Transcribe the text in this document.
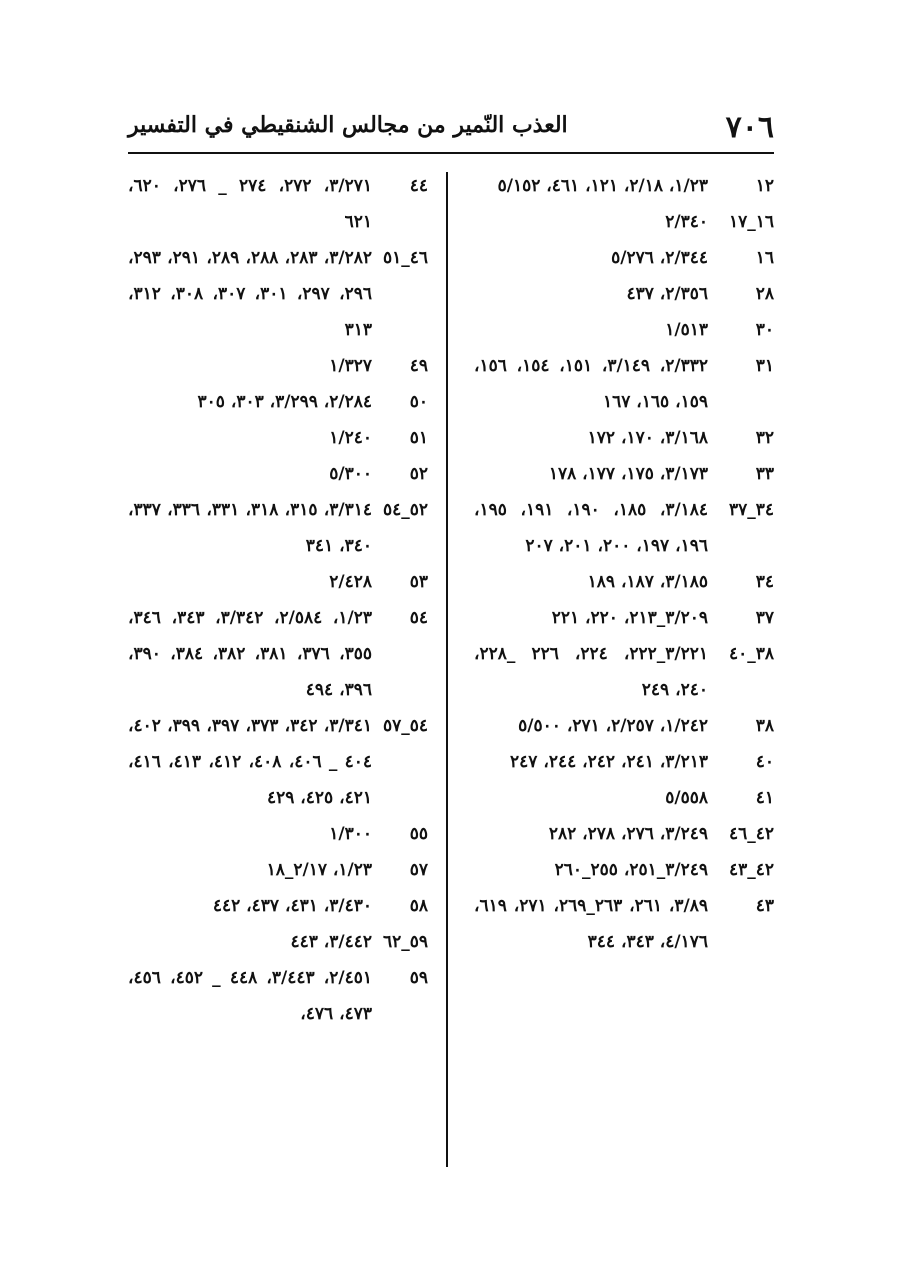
٧٠٦
العذب النّمير من مجالس الشنقيطي في التفسير
١٢
١/٢٣، ٢/١٨، ١٢١، ٤٦١، ٥/١٥٢
١٦_١٧
٢/٣٤٠
١٦
٢/٣٤٤، ٥/٢٧٦
٢٨
٢/٣٥٦، ٤٣٧
٣٠
١/٥١٣
٣١
٢/٣٣٢، ٣/١٤٩، ١٥١، ١٥٤، ١٥٦، ١٥٩، ١٦٥، ١٦٧
٣٢
٣/١٦٨، ١٧٠، ١٧٢
٣٣
٣/١٧٣، ١٧٥، ١٧٧، ١٧٨
٣٤_٣٧
٣/١٨٤، ١٨٥، ١٩٠، ١٩١، ١٩٥، ١٩٦، ١٩٧، ٢٠٠، ٢٠١، ٢٠٧
٣٤
٣/١٨٥، ١٨٧، ١٨٩
٣٧
٣/٢٠٩_٢١٣، ٢٢٠، ٢٢١
٣٨_٤٠
٣/٢٢١_٢٢٢، ٢٢٤، ٢٢٦ _٢٢٨، ٢٤٠، ٢٤٩
٣٨
١/٢٤٢، ٢/٢٥٧، ٢٧١، ٥/٥٠٠
٤٠
٣/٢١٣، ٢٤١، ٢٤٢، ٢٤٤، ٢٤٧
٤١
٥/٥٥٨
٤٢_٤٦
٣/٢٤٩، ٢٧٦، ٢٧٨، ٢٨٢
٤٢_٤٣
٣/٢٤٩_٢٥١، ٢٥٥_٢٦٠
٤٣
٣/٨٩، ٢٦١، ٢٦٣_٢٦٩، ٢٧١، ٦١٩، ٤/١٧٦، ٣٤٣، ٣٤٤
٤٤
٣/٢٧١، ٢٧٢، ٢٧٤ _ ٢٧٦، ٦٢٠، ٦٢١
٤٦_٥١
٣/٢٨٢، ٢٨٣، ٢٨٨، ٢٨٩، ٢٩١، ٢٩٣، ٢٩٦، ٢٩٧، ٣٠١، ٣٠٧، ٣٠٨، ٣١٢، ٣١٣
٤٩
١/٣٢٧
٥٠
٢/٢٨٤، ٣/٢٩٩، ٣٠٣، ٣٠٥
٥١
١/٢٤٠
٥٢
٥/٣٠٠
٥٢_٥٤
٣/٣١٤، ٣١٥، ٣١٨، ٣٣١، ٣٣٦، ٣٣٧، ٣٤٠، ٣٤١
٥٣
٢/٤٢٨
٥٤
١/٢٣، ٢/٥٨٤، ٣/٣٤٢، ٣٤٣، ٣٤٦، ٣٥٥، ٣٧٦، ٣٨١، ٣٨٢، ٣٨٤، ٣٩٠، ٣٩٦، ٤٩٤
٥٤_٥٧
٣/٣٤١، ٣٤٢، ٣٧٣، ٣٩٧، ٣٩٩، ٤٠٢، ٤٠٤ _ ٤٠٦، ٤٠٨، ٤١٢، ٤١٣، ٤١٦، ٤٢١، ٤٢٥، ٤٢٩
٥٥
١/٣٠٠
٥٧
١/٢٣، ٢/١٧_١٨
٥٨
٣/٤٣٠، ٤٣١، ٤٣٧، ٤٤٢
٥٩_٦٢
٣/٤٤٢، ٤٤٣
٥٩
٢/٤٥١، ٣/٤٤٣، ٤٤٨ _ ٤٥٢، ٤٥٦، ٤٧٣، ٤٧٦،
